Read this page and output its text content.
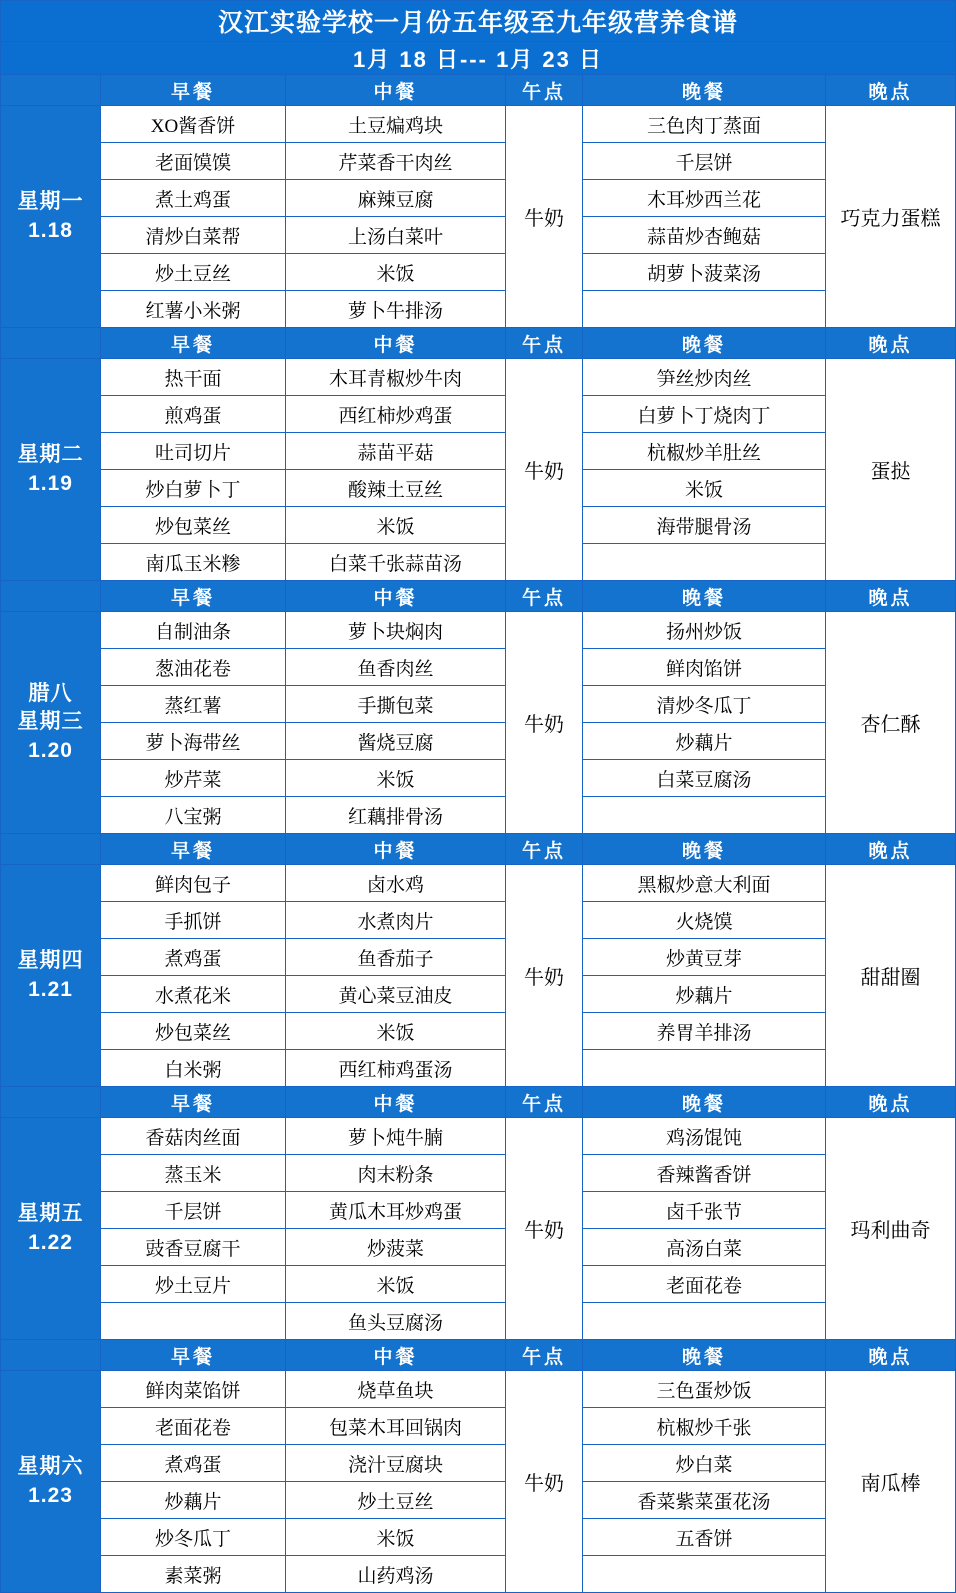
汉江实验学校一月份五年级至九年级营养食谱					
1月 18 日--- 1月 23 日					
	早餐	中餐	午点	晚餐	晚点

星期一
1.18	XO酱香饼	土豆煸鸡块	牛奶	三色肉丁蒸面	巧克力蛋糕
	老面馍馍	芹菜香干肉丝		千层饼	
	煮土鸡蛋	麻辣豆腐		木耳炒西兰花	
	清炒白菜帮	上汤白菜叶		蒜苗炒杏鲍菇	
	炒土豆丝	米饭		胡萝卜菠菜汤	
	红薯小米粥	萝卜牛排汤			
	早餐	中餐	午点	晚餐	晚点

星期二
1.19	热干面	木耳青椒炒牛肉	牛奶	笋丝炒肉丝	蛋挞
	煎鸡蛋	西红柿炒鸡蛋		白萝卜丁烧肉丁	
	吐司切片	蒜苗平菇		杭椒炒羊肚丝	
	炒白萝卜丁	酸辣土豆丝		米饭	
	炒包菜丝	米饭		海带腿骨汤	
	南瓜玉米糁	白菜千张蒜苗汤			
	早餐	中餐	午点	晚餐	晚点

腊八
星期三
1.20	自制油条	萝卜块焖肉	牛奶	扬州炒饭	杏仁酥
	葱油花卷	鱼香肉丝		鲜肉馅饼	
	蒸红薯	手撕包菜		清炒冬瓜丁	
	萝卜海带丝	酱烧豆腐		炒藕片	
	炒芹菜	米饭		白菜豆腐汤	
	八宝粥	红藕排骨汤			
	早餐	中餐	午点	晚餐	晚点

星期四
1.21	鲜肉包子	卤水鸡	牛奶	黑椒炒意大利面	甜甜圈
	手抓饼	水煮肉片		火烧馍	
	煮鸡蛋	鱼香茄子		炒黄豆芽	
	水煮花米	黄心菜豆油皮		炒藕片	
	炒包菜丝	米饭		养胃羊排汤	
	白米粥	西红柿鸡蛋汤			
	早餐	中餐	午点	晚餐	晚点

星期五
1.22	香菇肉丝面	萝卜炖牛腩	牛奶	鸡汤馄饨	玛利曲奇
	蒸玉米	肉末粉条		香辣酱香饼	
	千层饼	黄瓜木耳炒鸡蛋		卤千张节	
	豉香豆腐干	炒菠菜		高汤白菜	
	炒土豆片	米饭		老面花卷	
		鱼头豆腐汤			
	早餐	中餐	午点	晚餐	晚点

星期六
1.23	鲜肉菜馅饼	烧草鱼块	牛奶	三色蛋炒饭	南瓜棒
	老面花卷	包菜木耳回锅肉		杭椒炒千张	
	煮鸡蛋	浇汁豆腐块		炒白菜	
	炒藕片	炒土豆丝		香菜紫菜蛋花汤	
	炒冬瓜丁	米饭		五香饼	
	素菜粥	山药鸡汤			
